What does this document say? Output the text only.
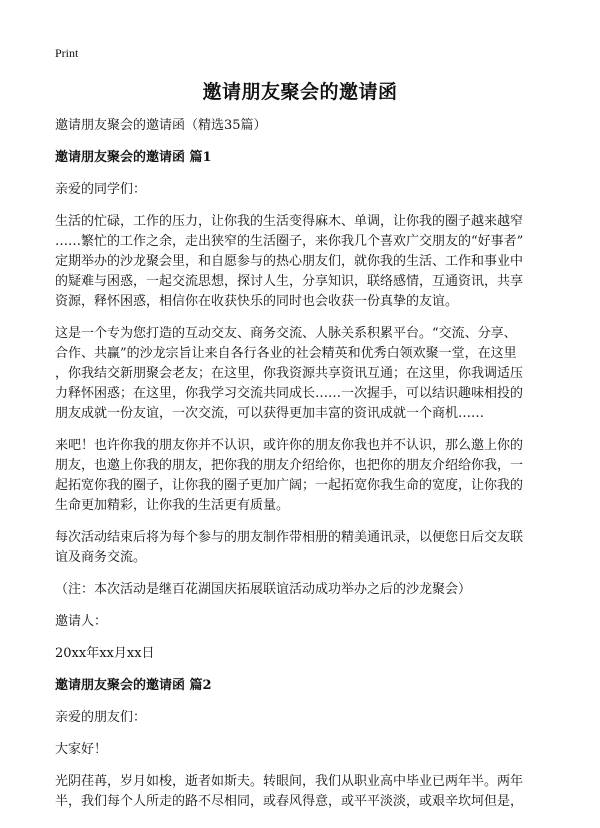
Print
邀请朋友聚会的邀请函

邀请朋友聚会的邀请函（精选35篇）

邀请朋友聚会的邀请函 篇1

亲爱的同学们：

生活的忙碌，工作的压力，让你我的生活变得麻木、单调，让你我的圈子越来越窄
……繁忙的工作之余，走出狭窄的生活圈子，来你我几个喜欢广交朋友的“好事者”
定期举办的沙龙聚会里，和自愿参与的热心朋友们，就你我的生活、工作和事业中
的疑难与困惑，一起交流思想，探讨人生，分享知识，联络感情，互通资讯，共享
资源，释怀困惑，相信你在收获快乐的同时也会收获一份真挚的友谊。
这是一个专为您打造的互动交友、商务交流、人脉关系积累平台。“交流、分享、
合作、共赢”的沙龙宗旨让来自各行各业的社会精英和优秀白领欢聚一堂，在这里
，你我结交新朋聚会老友；在这里，你我资源共享资讯互通；在这里，你我调适压
力释怀困惑；在这里，你我学习交流共同成长……一次握手，可以结识趣味相投的
朋友成就一份友谊，一次交流，可以获得更加丰富的资讯成就一个商机……
来吧！也许你我的朋友你并不认识，或许你的朋友你我也并不认识，那么邀上你的
朋友，也邀上你我的朋友，把你我的朋友介绍给你，也把你的朋友介绍给你我，一
起拓宽你我的圈子，让你我的圈子更加广阔；一起拓宽你我生命的宽度，让你我的
生命更加精彩，让你我的生活更有质量。
每次活动结束后将为每个参与的朋友制作带相册的精美通讯录，以便您日后交友联
谊及商务交流。

（注：本次活动是继百花湖国庆拓展联谊活动成功举办之后的沙龙聚会）

邀请人：

20xx年xx月xx日

邀请朋友聚会的邀请函 篇2

亲爱的朋友们：

大家好！

光阴荏苒，岁月如梭，逝者如斯夫。转眼间，我们从职业高中毕业已两年半。两年
半，我们每个人所走的路不尽相同，或春风得意，或平平淡淡，或艰辛坎坷但是，
